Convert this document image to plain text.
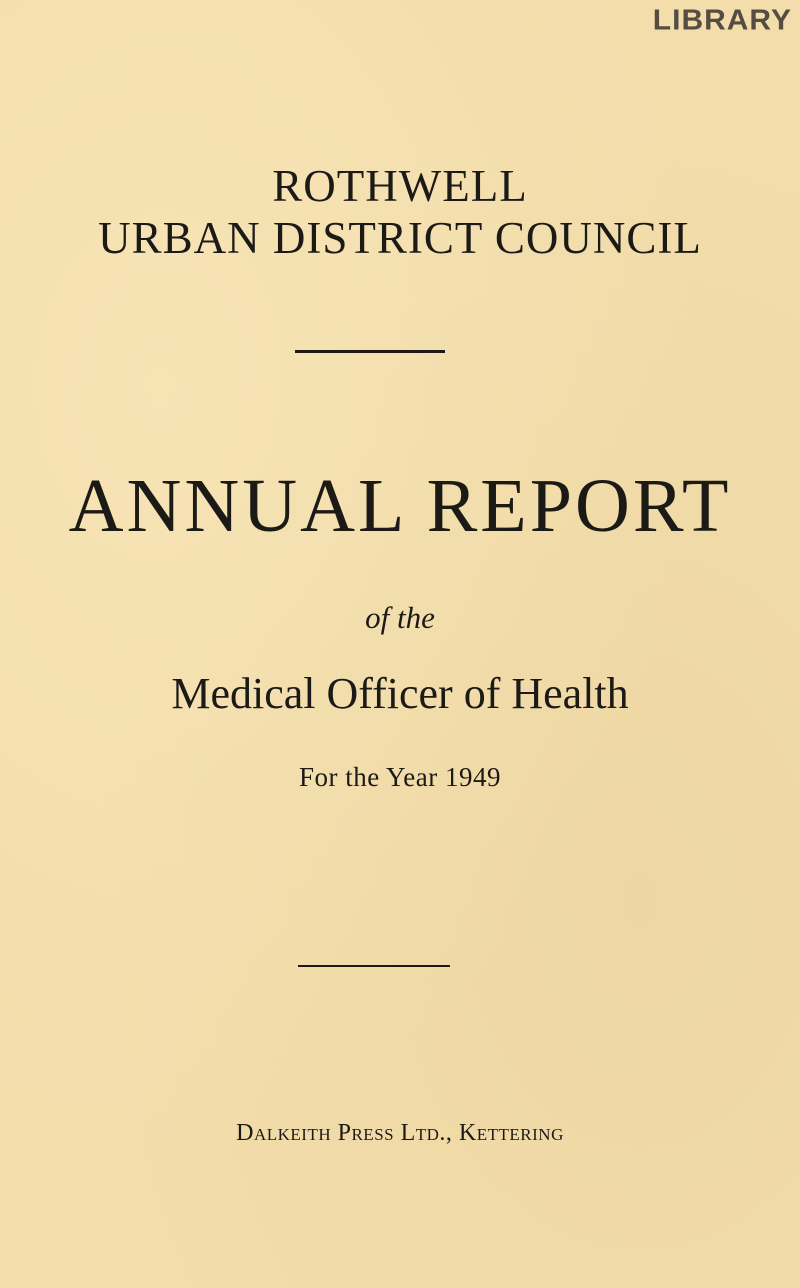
LIBRARY
ROTHWELL
URBAN DISTRICT COUNCIL
ANNUAL REPORT
of the
Medical Officer of Health
For the Year 1949
Dalkeith Press Ltd., Kettering
